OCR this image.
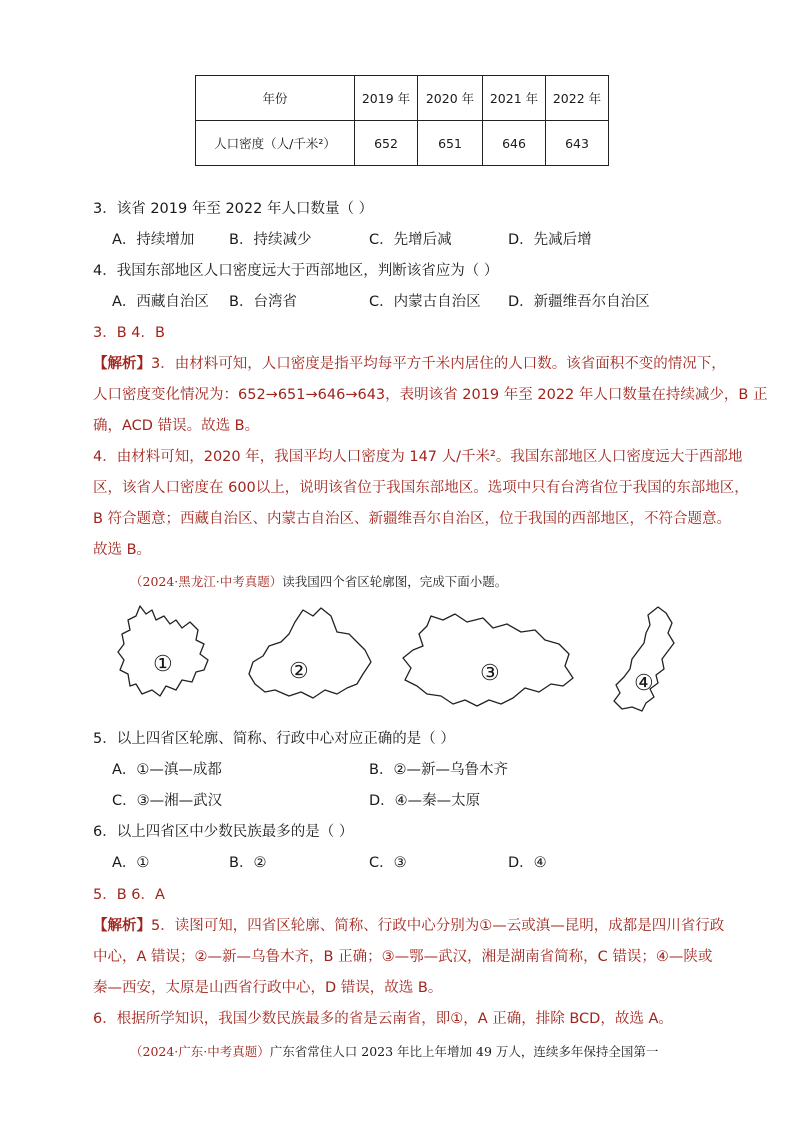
年份	2019 年	2020 年	2021 年	2022 年
人口密度（人/千米²）	652	651	646	643
3．该省 2019 年至 2022 年人口数量（ ）
A．持续增加 B．持续减少	C．先增后减	D．先减后增
4．我国东部地区人口密度远大于西部地区，判断该省应为（ ）
A．西藏自治区 B．台湾省	C．内蒙古自治区 D．新疆维吾尔自治区
3．B 4．B
【解析】3．由材料可知，人口密度是指平均每平方千米内居住的人口数。该省面积不变的情况下，
人口密度变化情况为：652→651→646→643，表明该省 2019 年至 2022 年人口数量在持续减少，B 正
确，ACD 错误。故选 B。
4．由材料可知，2020 年，我国平均人口密度为 147 人/千米²。我国东部地区人口密度远大于西部地
区，该省人口密度在 600以上，说明该省位于我国东部地区。选项中只有台湾省位于我国的东部地区，
B 符合题意；西藏自治区、内蒙古自治区、新疆维吾尔自治区，位于我国的西部地区，不符合题意。
故选 B。
（2024·黑龙江·中考真题）读我国四个省区轮廓图，完成下面小题。
①	②	③	④
5．以上四省区轮廓、简称、行政中心对应正确的是（ ）
A．①—滇—成都	B．②—新—乌鲁木齐
C．③—湘—武汉	D．④—秦—太原
6．以上四省区中少数民族最多的是（ ）
A．①	B．②	C．③	D．④
5．B 6．A
【解析】5．读图可知，四省区轮廓、简称、行政中心分别为①—云或滇—昆明，成都是四川省行政
中心，A 错误；②—新—乌鲁木齐，B 正确；③—鄂—武汉，湘是湖南省简称，C 错误；④—陕或
秦—西安，太原是山西省行政中心，D 错误，故选 B。
6．根据所学知识，我国少数民族最多的省是云南省，即①，A 正确，排除 BCD，故选 A。
（2024·广东·中考真题）广东省常住人口 2023 年比上年增加 49 万人，连续多年保持全国第一
